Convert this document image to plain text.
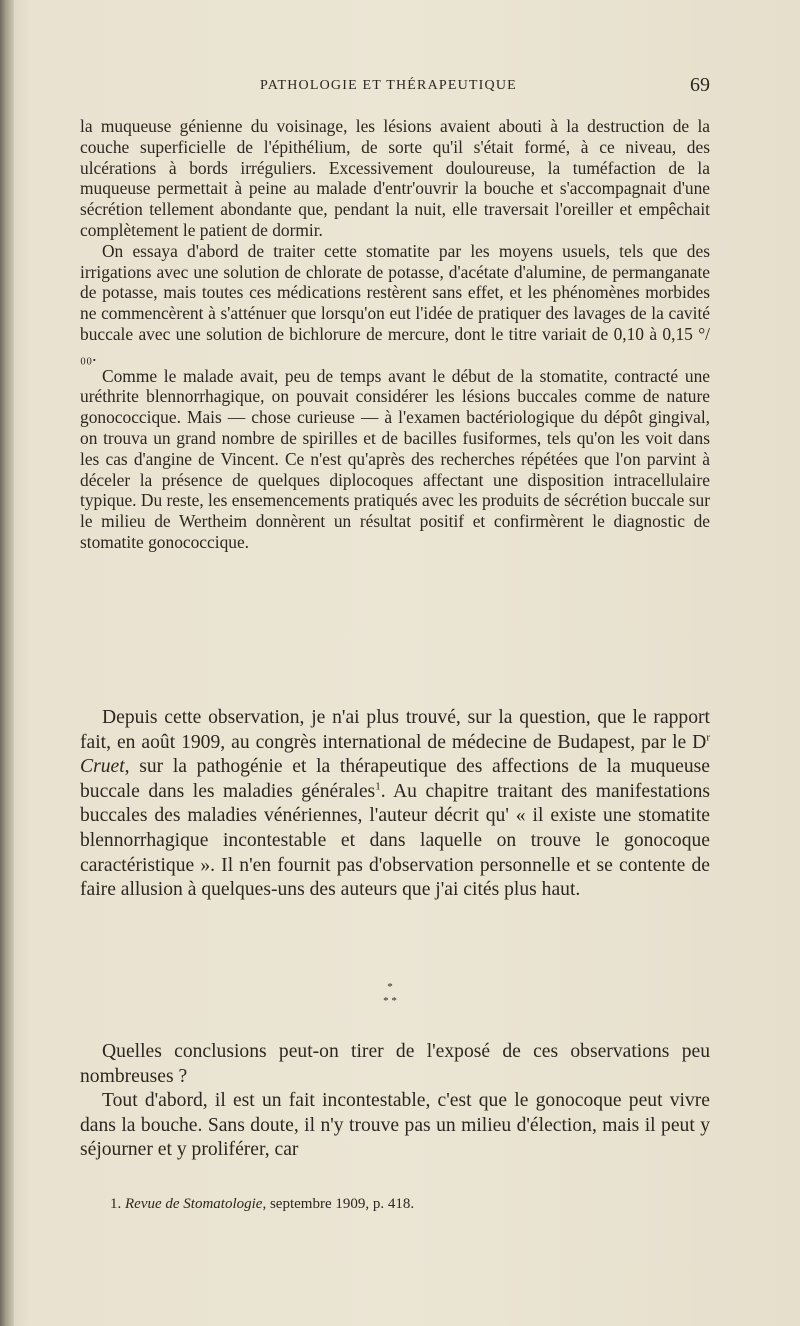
PATHOLOGIE ET THÉRAPEUTIQUE	69

la muqueuse génienne du voisinage, les lésions avaient abouti à la destruction de la couche superficielle de l'épithélium, de sorte qu'il s'était formé, à ce niveau, des ulcérations à bords irréguliers. Excessivement douloureuse, la tuméfaction de la muqueuse permettait à peine au malade d'entr'ouvrir la bouche et s'accompagnait d'une sécrétion tellement abondante que, pendant la nuit, elle traversait l'oreiller et empêchait complètement le patient de dormir.

On essaya d'abord de traiter cette stomatite par les moyens usuels, tels que des irrigations avec une solution de chlorate de potasse, d'acétate d'alumine, de permanganate de potasse, mais toutes ces médications restèrent sans effet, et les phénomènes morbides ne commencèrent à s'atténuer que lorsqu'on eut l'idée de pratiquer des lavages de la cavité buccale avec une solution de bichlorure de mercure, dont le titre variait de 0,10 à 0,15 °/₀₀.

Comme le malade avait, peu de temps avant le début de la stomatite, contracté une uréthrite blennorrhagique, on pouvait considérer les lésions buccales comme de nature gonococcique. Mais — chose curieuse — à l'examen bactériologique du dépôt gingival, on trouva un grand nombre de spirilles et de bacilles fusiformes, tels qu'on les voit dans les cas d'angine de Vincent. Ce n'est qu'après des recherches répétées que l'on parvint à déceler la présence de quelques diplocoques affectant une disposition intracellulaire typique. Du reste, les ensemencements pratiqués avec les produits de sécrétion buccale sur le milieu de Wertheim donnèrent un résultat positif et confirmèrent le diagnostic de stomatite gonococcique.

Depuis cette observation, je n'ai plus trouvé, sur la question, que le rapport fait, en août 1909, au congrès international de médecine de Budapest, par le $D^r$ Cruet, sur la pathogénie et la thérapeutique des affections de la muqueuse buccale dans les maladies générales$^1$. Au chapitre traitant des manifestations buccales des maladies vénériennes, l'auteur décrit qu' « il existe une stomatite blennorrhagique incontestable et dans laquelle on trouve le gonocoque caractéristique ». Il n'en fournit pas d'observation personnelle et se contente de faire allusion à quelques-uns des auteurs que j'ai cités plus haut.

*
* *

Quelles conclusions peut-on tirer de l'exposé de ces observations peu nombreuses ?

Tout d'abord, il est un fait incontestable, c'est que le gonocoque peut vivre dans la bouche. Sans doute, il n'y trouve pas un milieu d'élection, mais il peut y séjourner et y proliférer, car

1. Revue de Stomatologie, septembre 1909, p. 418.
